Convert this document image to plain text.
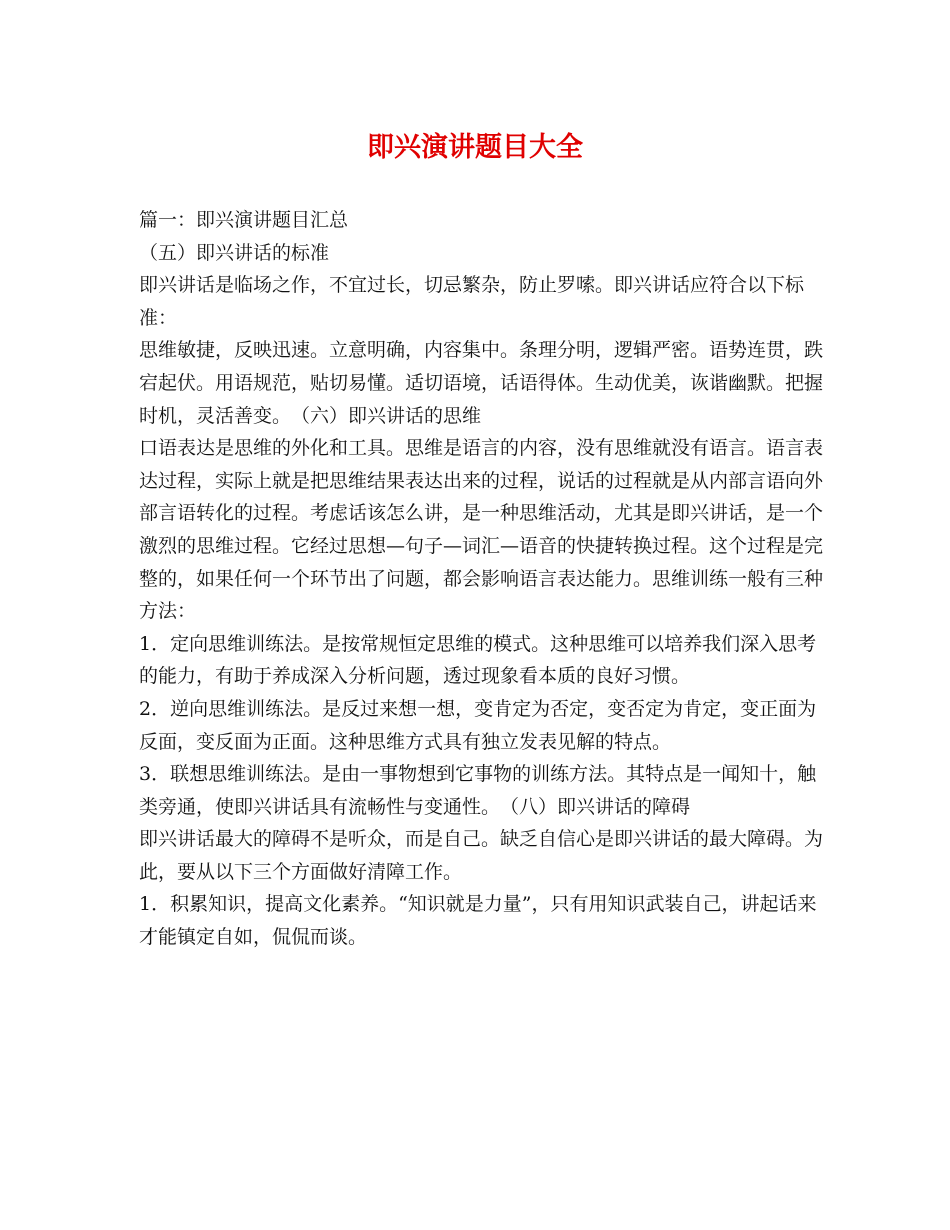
即兴演讲题目大全

篇一：即兴演讲题目汇总

（五）即兴讲话的标准

即兴讲话是临场之作，不宜过长，切忌繁杂，防止罗嗦。即兴讲话应符合以下标准：

思维敏捷，反映迅速。立意明确，内容集中。条理分明，逻辑严密。语势连贯，跌宕起伏。用语规范，贴切易懂。适切语境，话语得体。生动优美，诙谐幽默。把握时机，灵活善变。　（六）即兴讲话的思维

口语表达是思维的外化和工具。思维是语言的内容，没有思维就没有语言。语言表达过程，实际上就是把思维结果表达出来的过程，说话的过程就是从内部言语向外部言语转化的过程。考虑话该怎么讲，是一种思维活动，尤其是即兴讲话，是一个激烈的思维过程。它经过思想—句子—词汇—语音的快捷转换过程。这个过程是完整的，如果任何一个环节出了问题，都会影响语言表达能力。思维训练一般有三种方法：

1．定向思维训练法。是按常规恒定思维的模式。这种思维可以培养我们深入思考的能力，有助于养成深入分析问题，透过现象看本质的良好习惯。

2．逆向思维训练法。是反过来想一想，变肯定为否定，变否定为肯定，变正面为反面，变反面为正面。这种思维方式具有独立发表见解的特点。

3．联想思维训练法。是由一事物想到它事物的训练方法。其特点是一闻知十，触类旁通，使即兴讲话具有流畅性与变通性。　（八）即兴讲话的障碍

即兴讲话最大的障碍不是听众，而是自己。缺乏自信心是即兴讲话的最大障碍。为此，要从以下三个方面做好清障工作。

1．积累知识，提高文化素养。“知识就是力量”，只有用知识武装自己，讲起话来才能镇定自如，侃侃而谈。
